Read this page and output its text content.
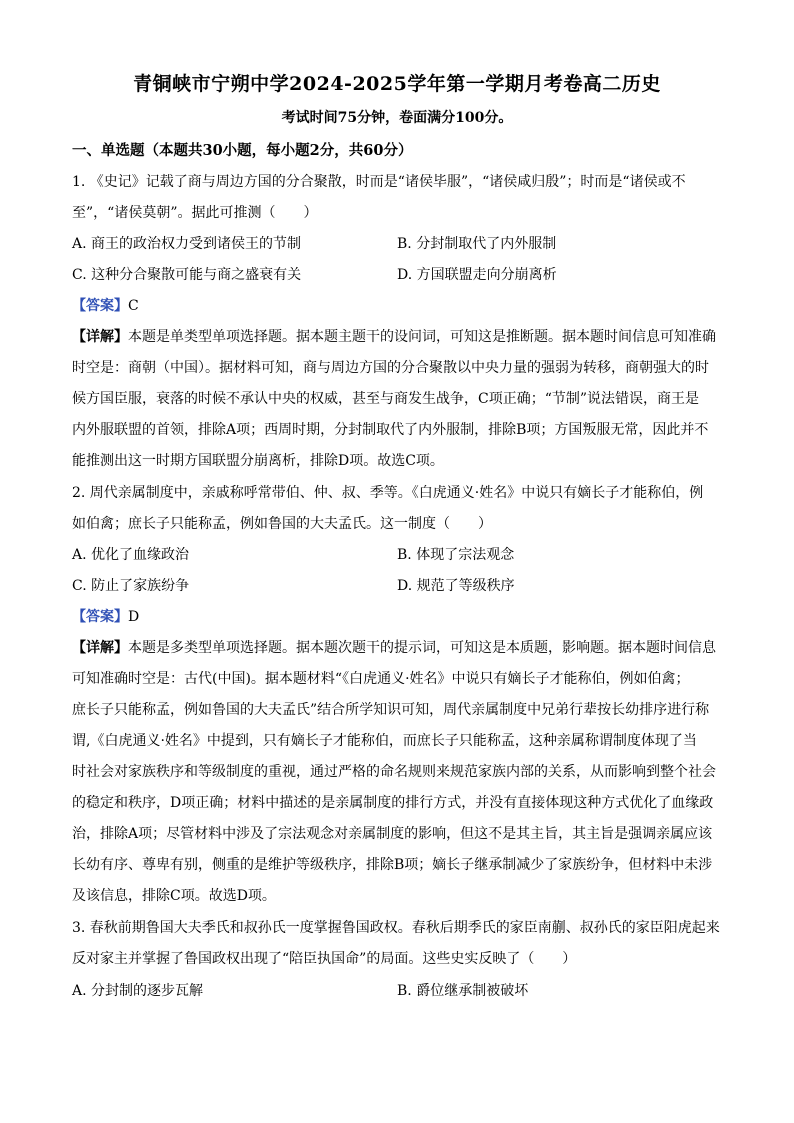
青铜峡市宁朔中学2024-2025学年第一学期月考卷高二历史
考试时间75分钟，卷面满分100分。
一、单选题（本题共30小题，每小题2分，共60分）
1. 《史记》记载了商与周边方国的分合聚散，时而是“诸侯毕服”，“诸侯咸归殷”；时而是“诸侯或不
至”，“诸侯莫朝”。据此可推测（　　）
A. 商王的政治权力受到诸侯王的节制	B. 分封制取代了内外服制
C. 这种分合聚散可能与商之盛衰有关	D. 方国联盟走向分崩离析
【答案】C
【详解】本题是单类型单项选择题。据本题主题干的设问词，可知这是推断题。据本题时间信息可知准确
时空是：商朝（中国）。据材料可知，商与周边方国的分合聚散以中央力量的强弱为转移，商朝强大的时
候方国臣服，衰落的时候不承认中央的权威，甚至与商发生战争，C项正确；“节制”说法错误，商王是
内外服联盟的首领，排除A项；西周时期，分封制取代了内外服制，排除B项；方国叛服无常，因此并不
能推测出这一时期方国联盟分崩离析，排除D项。故选C项。
2. 周代亲属制度中，亲戚称呼常带伯、仲、叔、季等。《白虎通义·姓名》中说只有嫡长子才能称伯，例
如伯禽；庶长子只能称孟，例如鲁国的大夫孟氏。这一制度（　　）
A. 优化了血缘政治	B. 体现了宗法观念
C. 防止了家族纷争	D. 规范了等级秩序
【答案】D
【详解】本题是多类型单项选择题。据本题次题干的提示词，可知这是本质题，影响题。据本题时间信息
可知准确时空是：古代(中国)。据本题材料“《白虎通义·姓名》中说只有嫡长子才能称伯，例如伯禽；
庶长子只能称孟，例如鲁国的大夫孟氏”结合所学知识可知，周代亲属制度中兄弟行辈按长幼排序进行称
谓,《白虎通义·姓名》中提到，只有嫡长子才能称伯，而庶长子只能称孟，这种亲属称谓制度体现了当
时社会对家族秩序和等级制度的重视，通过严格的命名规则来规范家族内部的关系，从而影响到整个社会
的稳定和秩序，D项正确；材料中描述的是亲属制度的排行方式，并没有直接体现这种方式优化了血缘政
治，排除A项；尽管材料中涉及了宗法观念对亲属制度的影响，但这不是其主旨，其主旨是强调亲属应该
长幼有序、尊卑有别，侧重的是维护等级秩序，排除B项；嫡长子继承制减少了家族纷争，但材料中未涉
及该信息，排除C项。故选D项。
3. 春秋前期鲁国大夫季氏和叔孙氏一度掌握鲁国政权。春秋后期季氏的家臣南蒯、叔孙氏的家臣阳虎起来
反对家主并掌握了鲁国政权出现了“陪臣执国命”的局面。这些史实反映了（　　）
A. 分封制的逐步瓦解	B. 爵位继承制被破坏
